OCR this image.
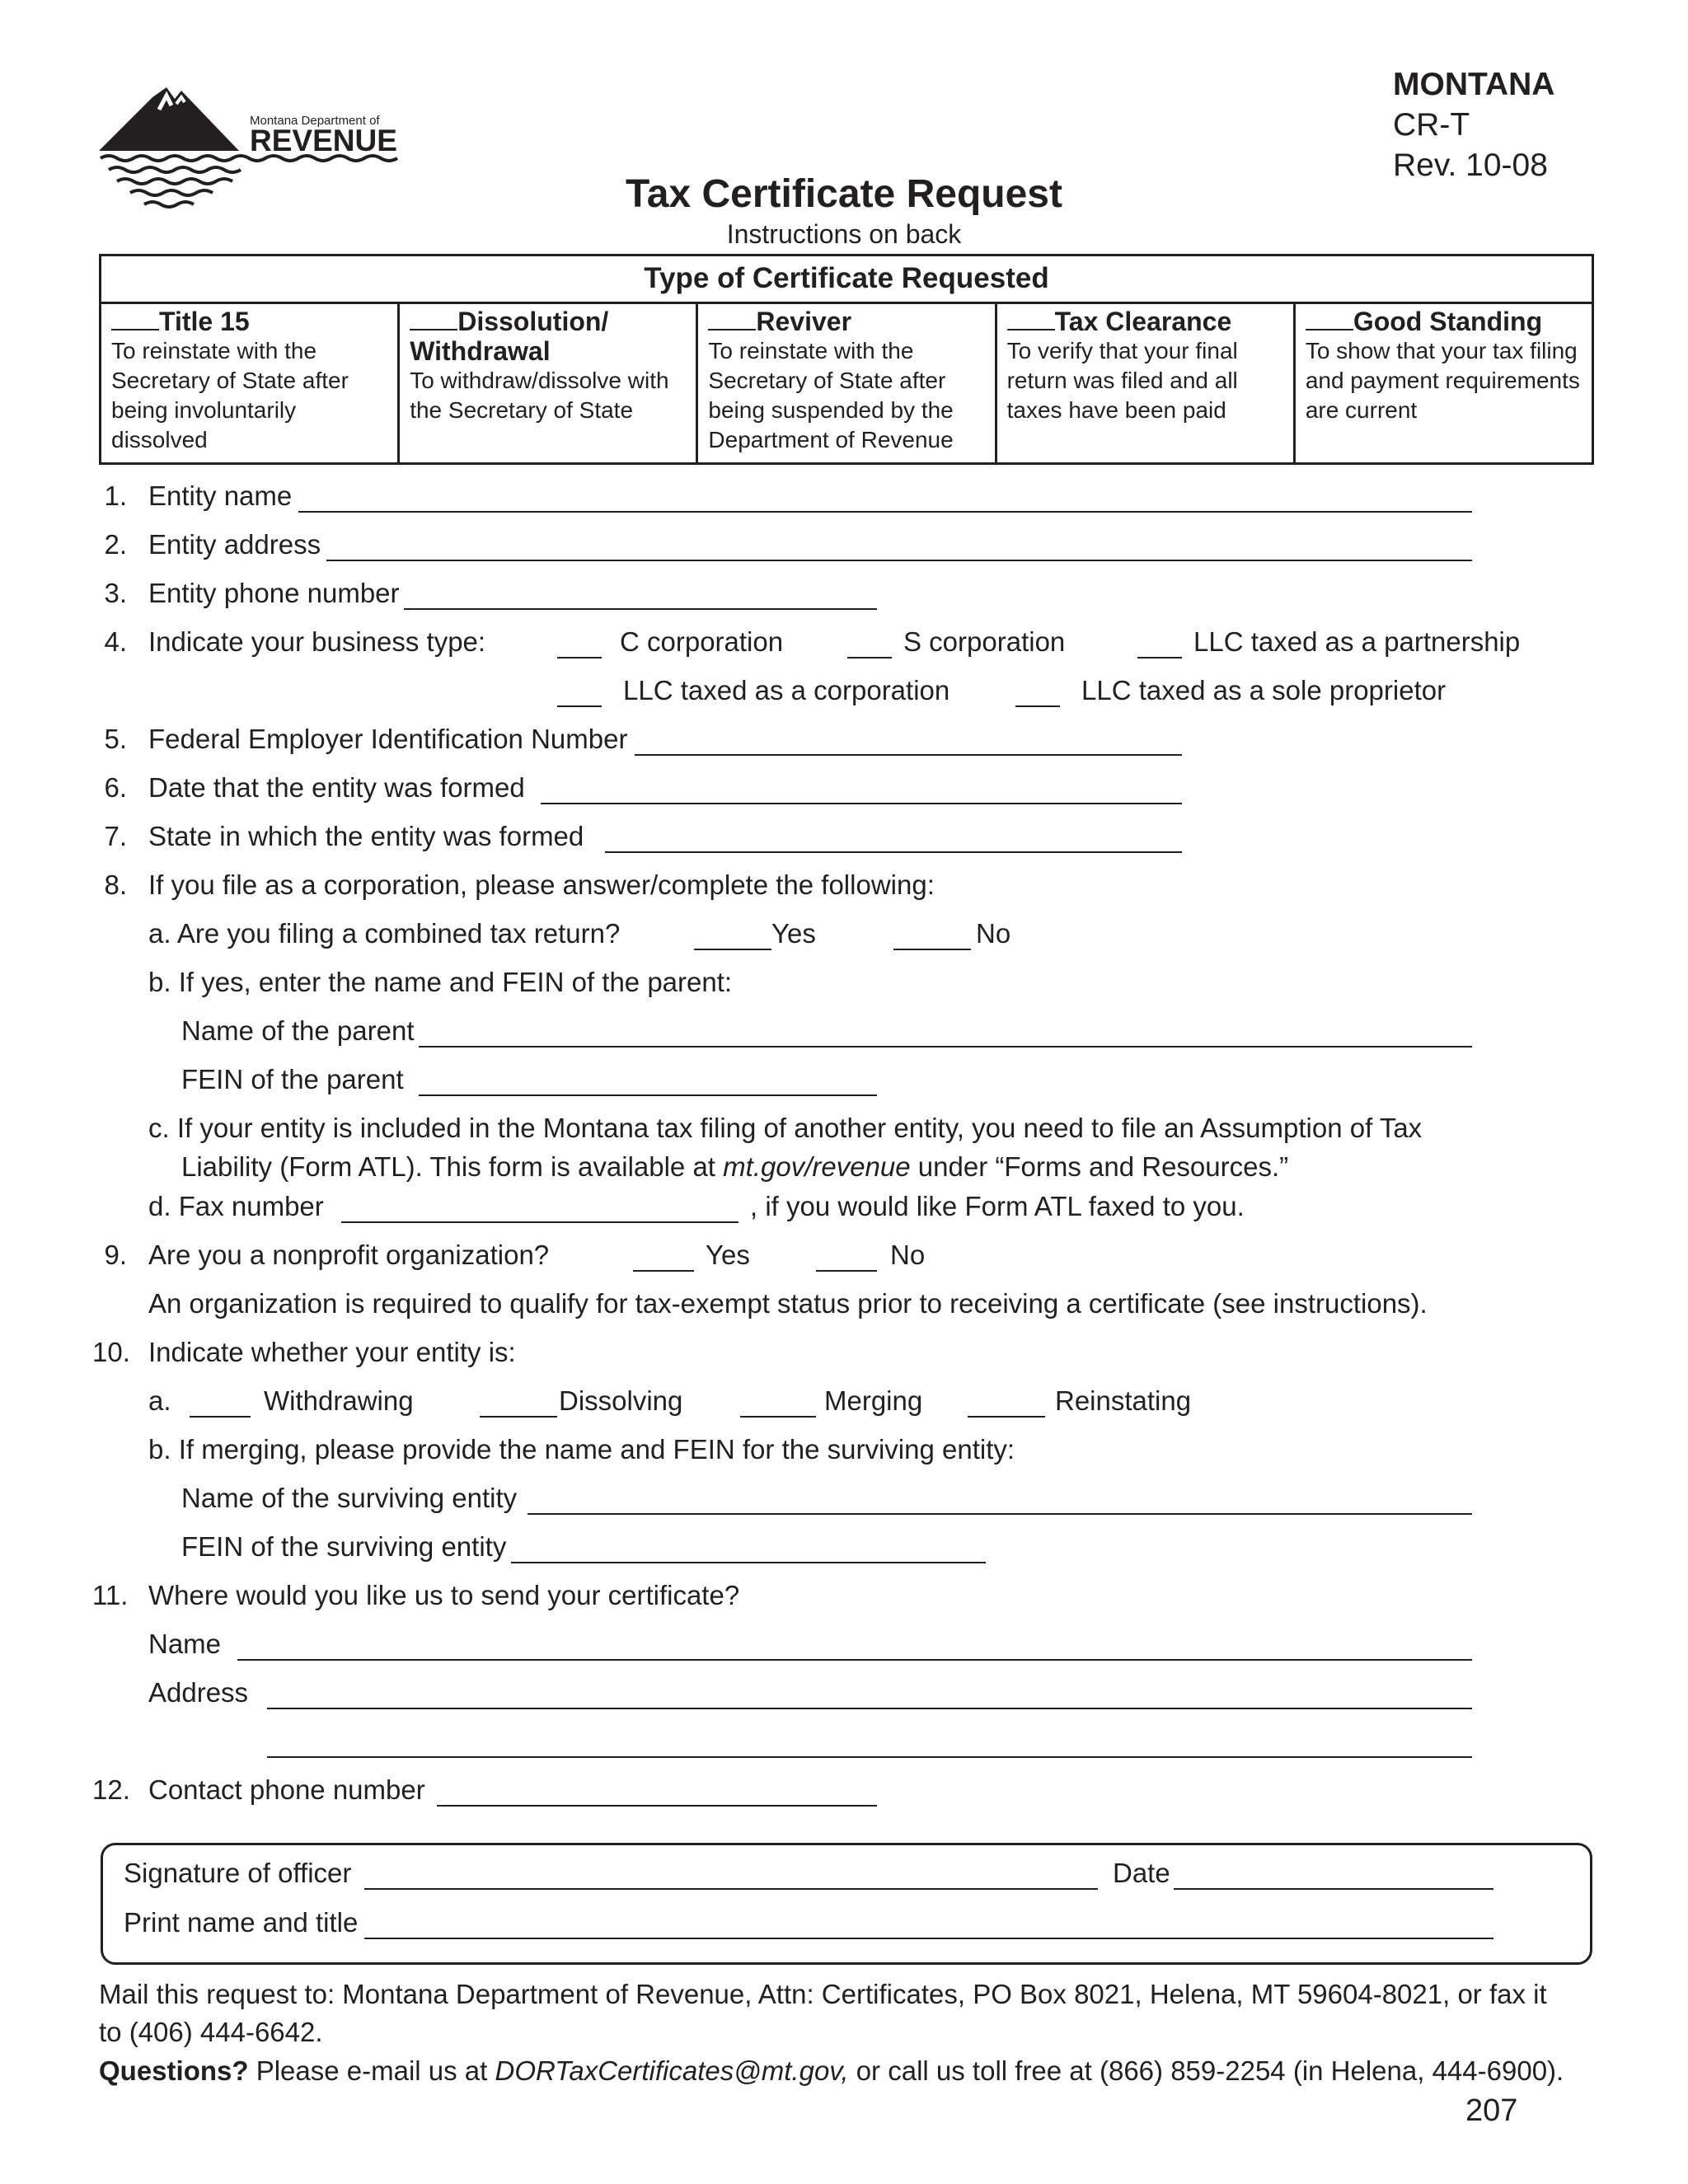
Montana Department of
REVENUE
MONTANA
CR-T
Rev. 10-08
Tax Certificate Request
Instructions on back
Type of Certificate Requested
Title 15
To reinstate with the Secretary of State after being involuntarily dissolved
Dissolution/ Withdrawal
To withdraw/dissolve with the Secretary of State
Reviver
To reinstate with the Secretary of State after being suspended by the Department of Revenue
Tax Clearance
To verify that your final return was filed and all taxes have been paid
Good Standing
To show that your tax filing and payment requirements are current
1. Entity name
2. Entity address
3. Entity phone number
4. Indicate your business type:	C corporation	S corporation	LLC taxed as a partnership
LLC taxed as a corporation	LLC taxed as a sole proprietor
5. Federal Employer Identification Number
6. Date that the entity was formed
7. State in which the entity was formed
8. If you file as a corporation, please answer/complete the following:
a. Are you filing a combined tax return?	Yes	No
b. If yes, enter the name and FEIN of the parent:
Name of the parent
FEIN of the parent
c. If your entity is included in the Montana tax filing of another entity, you need to file an Assumption of Tax
Liability (Form ATL). This form is available at mt.gov/revenue under “Forms and Resources.”
d. Fax number	, if you would like Form ATL faxed to you.
9. Are you a nonprofit organization?	Yes	No
An organization is required to qualify for tax-exempt status prior to receiving a certificate (see instructions).
10. Indicate whether your entity is:
a.	Withdrawing	Dissolving	Merging	Reinstating
b. If merging, please provide the name and FEIN for the surviving entity:
Name of the surviving entity
FEIN of the surviving entity
11. Where would you like us to send your certificate?
Name
Address
12. Contact phone number
Signature of officer	Date
Print name and title
Mail this request to: Montana Department of Revenue, Attn: Certificates, PO Box 8021, Helena, MT 59604-8021, or fax it
to (406) 444-6642.
Questions? Please e-mail us at DORTaxCertificates@mt.gov, or call us toll free at (866) 859-2254 (in Helena, 444-6900).
207
